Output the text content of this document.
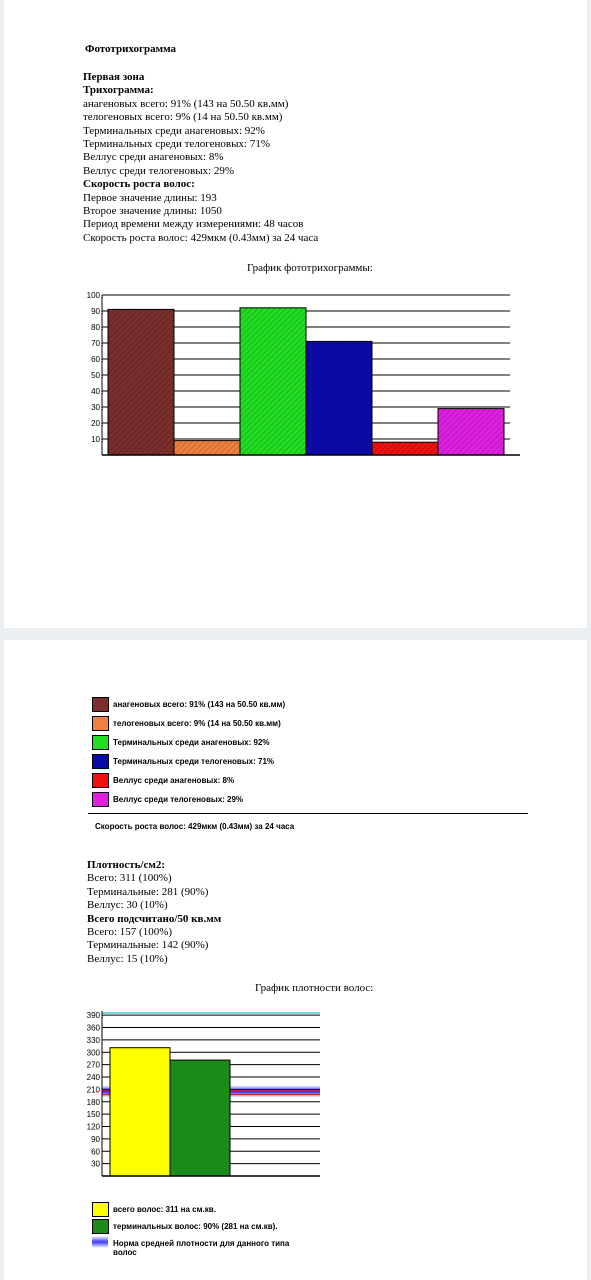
Фототрихограмма
Первая зона
Трихограмма:
анагеновых всего: 91% (143 на 50.50 кв.мм)
телогеновых всего: 9% (14 на 50.50 кв.мм)
Терминальных среди анагеновых: 92%
Терминальных среди телогеновых: 71%
Веллус среди анагеновых: 8%
Веллус среди телогеновых: 29%
Скорость роста волос:
Первое значение длины: 193
Второе значение длины: 1050
Период времени между измерениями: 48 часов
Скорость роста волос: 429мкм (0.43мм) за 24 часа
График фототрихограммы:
10
20
30
40
50
60
70
80
90
100
анагеновых всего: 91% (143 на 50.50 кв.мм)
телогеновых всего: 9% (14 на 50.50 кв.мм)
Терминальных среди анагеновых: 92%
Терминальных среди телогеновых: 71%
Веллус среди анагеновых: 8%
Веллус среди телогеновых: 29%
Скорость роста волос: 429мкм (0.43мм) за 24 часа
Плотность/см2:
Всего: 311 (100%)
Терминальные: 281 (90%)
Веллус: 30 (10%)
Всего подсчитано/50 кв.мм
Всего: 157 (100%)
Терминальные: 142 (90%)
Веллус: 15 (10%)
График плотности волос:
30
60
90
120
150
180
210
240
270
300
330
360
390
всего волос: 311 на см.кв.
терминальных волос: 90% (281 на см.кв).
Норма средней плотности для данного типа
волос
